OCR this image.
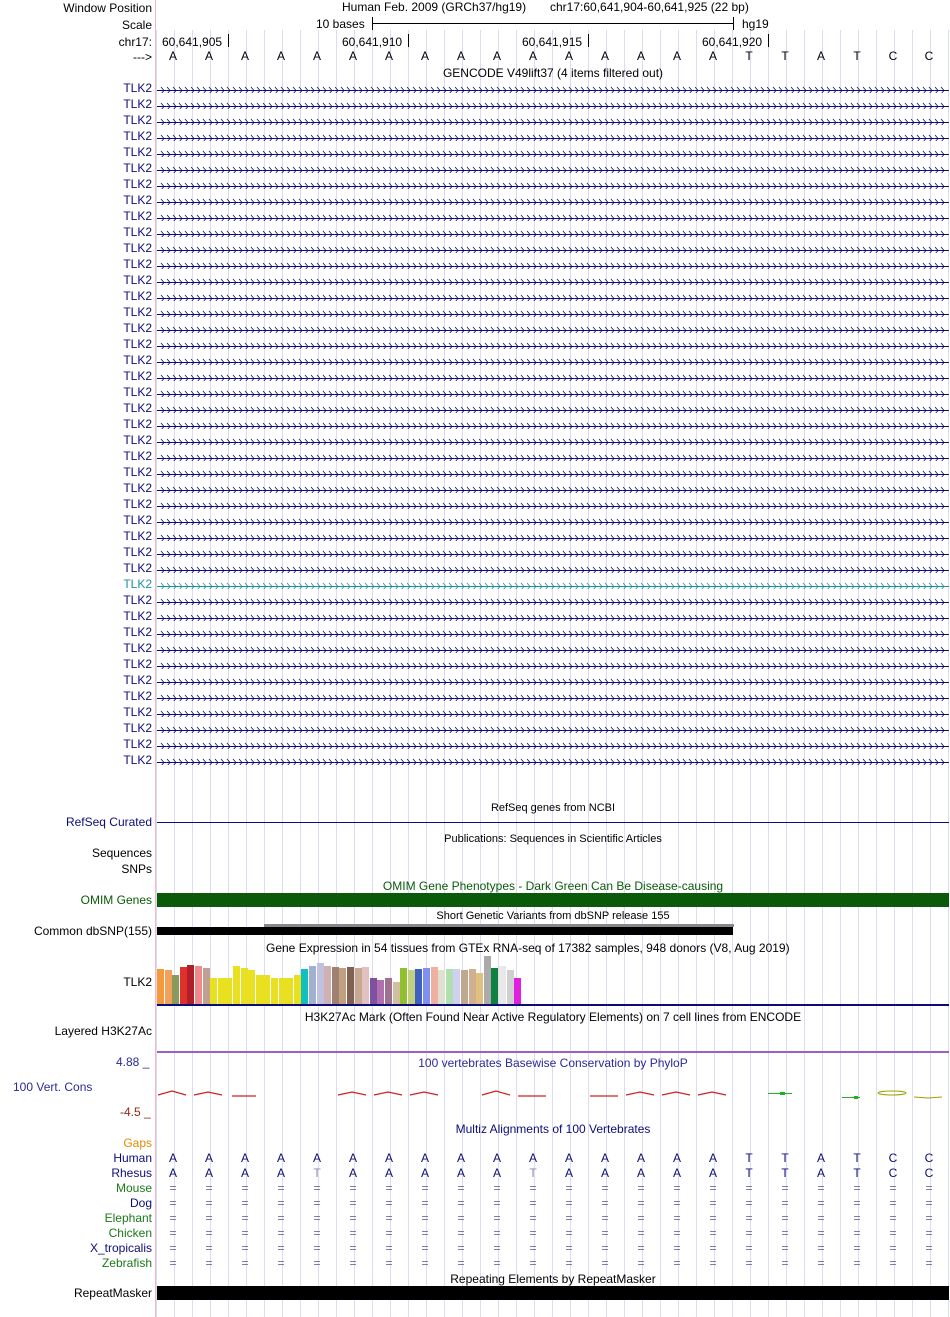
Window Position	Human Feb. 2009 (GRCh37/hg19) chr17:60,641,904-60,641,925 (22 bp)
Scale	10 bases	hg19
chr17: 60,641,905	60,641,910	60,641,915	60,641,920
--->	A	A	A	A	A	A	A	A	A	A	A	A	A	A	A	A	T	T	A	T	C	C
GENCODE V49lift37 (4 items filtered out)
TLK2
TLK2
TLK2
TLK2
TLK2
TLK2
TLK2
TLK2
TLK2
TLK2
TLK2
TLK2
TLK2
TLK2
TLK2
TLK2
TLK2
TLK2
TLK2
TLK2
TLK2
TLK2
TLK2
TLK2
TLK2
TLK2
TLK2
TLK2
TLK2
TLK2
TLK2
TLK2
TLK2
TLK2
TLK2
TLK2
TLK2
TLK2
TLK2
TLK2
TLK2
TLK2
TLK2
RefSeq genes from NCBI
RefSeq Curated
Publications: Sequences in Scientific Articles
Sequences
SNPs
OMIM Gene Phenotypes - Dark Green Can Be Disease-causing
OMIM Genes
Short Genetic Variants from dbSNP release 155
Common dbSNP(155)
Gene Expression in 54 tissues from GTEx RNA-seq of 17382 samples, 948 donors (V8, Aug 2019)
TLK2
H3K27Ac Mark (Often Found Near Active Regulatory Elements) on 7 cell lines from ENCODE
Layered H3K27Ac
100 vertebrates Basewise Conservation by PhyloP
4.88 _
100 Vert. Cons
-4.5 _
Multiz Alignments of 100 Vertebrates
Gaps
Human	A	A	A	A	A	A	A	A	A	A	A	A	A	A	A	A	T	T	A	T	C	C
Rhesus	A	A	A	A	T	A	A	A	A	A	T	A	A	A	A	A	T	T	A	T	C	C
Mouse	=	=	=	=	=	=	=	=	=	=	=	=	=	=	=	=	=	=	=	=	=	=
Dog	=	=	=	=	=	=	=	=	=	=	=	=	=	=	=	=	=	=	=	=	=	=
Elephant	=	=	=	=	=	=	=	=	=	=	=	=	=	=	=	=	=	=	=	=	=	=
Chicken	=	=	=	=	=	=	=	=	=	=	=	=	=	=	=	=	=	=	=	=	=	=
X_tropicalis	=	=	=	=	=	=	=	=	=	=	=	=	=	=	=	=	=	=	=	=	=	=
Zebrafish	=	=	=	=	=	=	=	=	=	=	=	=	=	=	=	=	=	=	=	=	=	=
Repeating Elements by RepeatMasker
RepeatMasker
